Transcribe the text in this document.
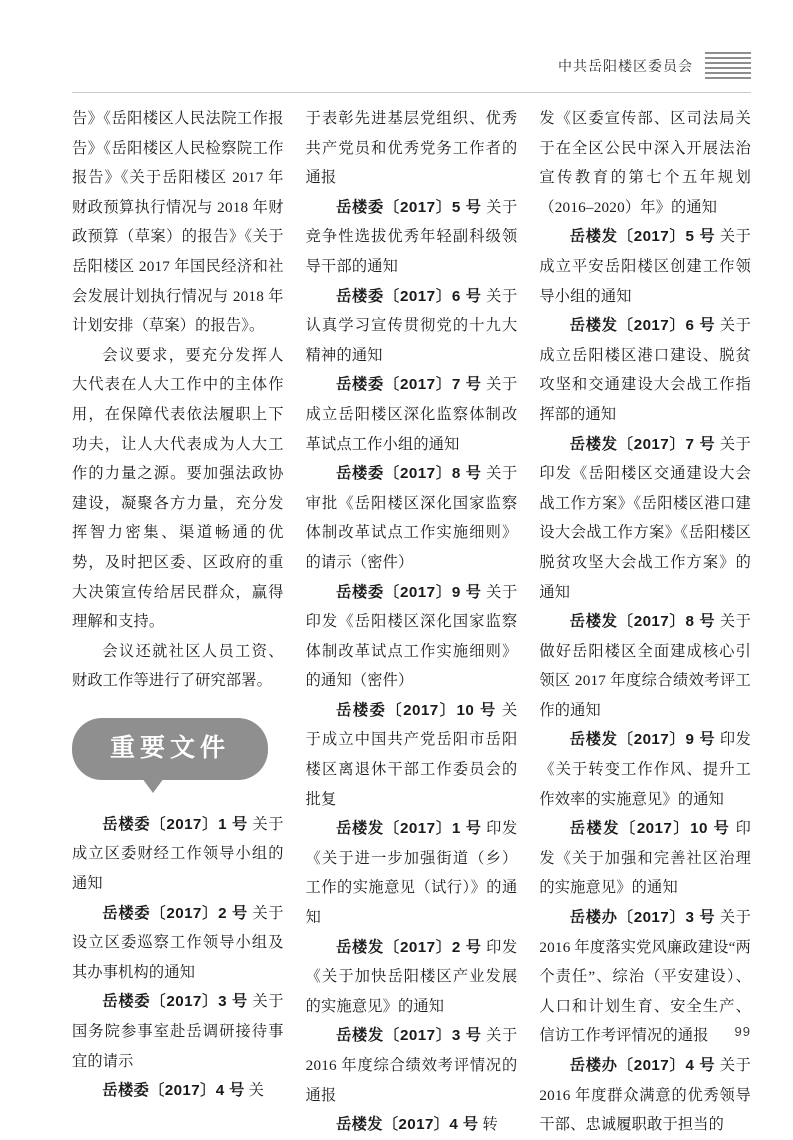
中共岳阳楼区委员会

告》《岳阳楼区人民法院工作报告》《岳阳楼区人民检察院工作报告》《关于岳阳楼区 2017 年财政预算执行情况与 2018 年财政预算（草案）的报告》《关于岳阳楼区 2017 年国民经济和社会发展计划执行情况与 2018 年计划安排（草案）的报告》。

会议要求，要充分发挥人大代表在人大工作中的主体作用，在保障代表依法履职上下功夫，让人大代表成为人大工作的力量之源。要加强法政协建设，凝聚各方力量，充分发挥智力密集、渠道畅通的优势，及时把区委、区政府的重大决策宣传给居民群众，赢得理解和支持。

会议还就社区人员工资、财政工作等进行了研究部署。

重要文件

岳楼委〔2017〕1 号 关于成立区委财经工作领导小组的通知

岳楼委〔2017〕2 号 关于设立区委巡察工作领导小组及其办事机构的通知

岳楼委〔2017〕3 号 关于国务院参事室赴岳调研接待事宜的请示

岳楼委〔2017〕4 号 关

于表彰先进基层党组织、优秀共产党员和优秀党务工作者的通报

岳楼委〔2017〕5 号 关于竞争性选拔优秀年轻副科级领导干部的通知

岳楼委〔2017〕6 号 关于认真学习宣传贯彻党的十九大精神的通知

岳楼委〔2017〕7 号 关于成立岳阳楼区深化监察体制改革试点工作小组的通知

岳楼委〔2017〕8 号 关于审批《岳阳楼区深化国家监察体制改革试点工作实施细则》的请示（密件）

岳楼委〔2017〕9 号 关于印发《岳阳楼区深化国家监察体制改革试点工作实施细则》的通知（密件）

岳楼委〔2017〕10 号 关于成立中国共产党岳阳市岳阳楼区离退休干部工作委员会的批复

岳楼发〔2017〕1 号 印发《关于进一步加强街道（乡）工作的实施意见（试行）》的通知

岳楼发〔2017〕2 号 印发《关于加快岳阳楼区产业发展的实施意见》的通知

岳楼发〔2017〕3 号 关于 2016 年度综合绩效考评情况的通报

岳楼发〔2017〕4 号 转

发《区委宣传部、区司法局关于在全区公民中深入开展法治宣传教育的第七个五年规划（2016–2020）年》的通知

岳楼发〔2017〕5 号 关于成立平安岳阳楼区创建工作领导小组的通知

岳楼发〔2017〕6 号 关于成立岳阳楼区港口建设、脱贫攻坚和交通建设大会战工作指挥部的通知

岳楼发〔2017〕7 号 关于印发《岳阳楼区交通建设大会战工作方案》《岳阳楼区港口建设大会战工作方案》《岳阳楼区脱贫攻坚大会战工作方案》的通知

岳楼发〔2017〕8 号 关于做好岳阳楼区全面建成核心引领区 2017 年度综合绩效考评工作的通知

岳楼发〔2017〕9 号 印发《关于转变工作作风、提升工作效率的实施意见》的通知

岳楼发〔2017〕10 号 印发《关于加强和完善社区治理的实施意见》的通知

岳楼办〔2017〕3 号 关于 2016 年度落实党风廉政建设“两个责任”、综治（平安建设）、人口和计划生育、安全生产、信访工作考评情况的通报

岳楼办〔2017〕4 号 关于 2016 年度群众满意的优秀领导干部、忠诚履职敢于担当的

99
